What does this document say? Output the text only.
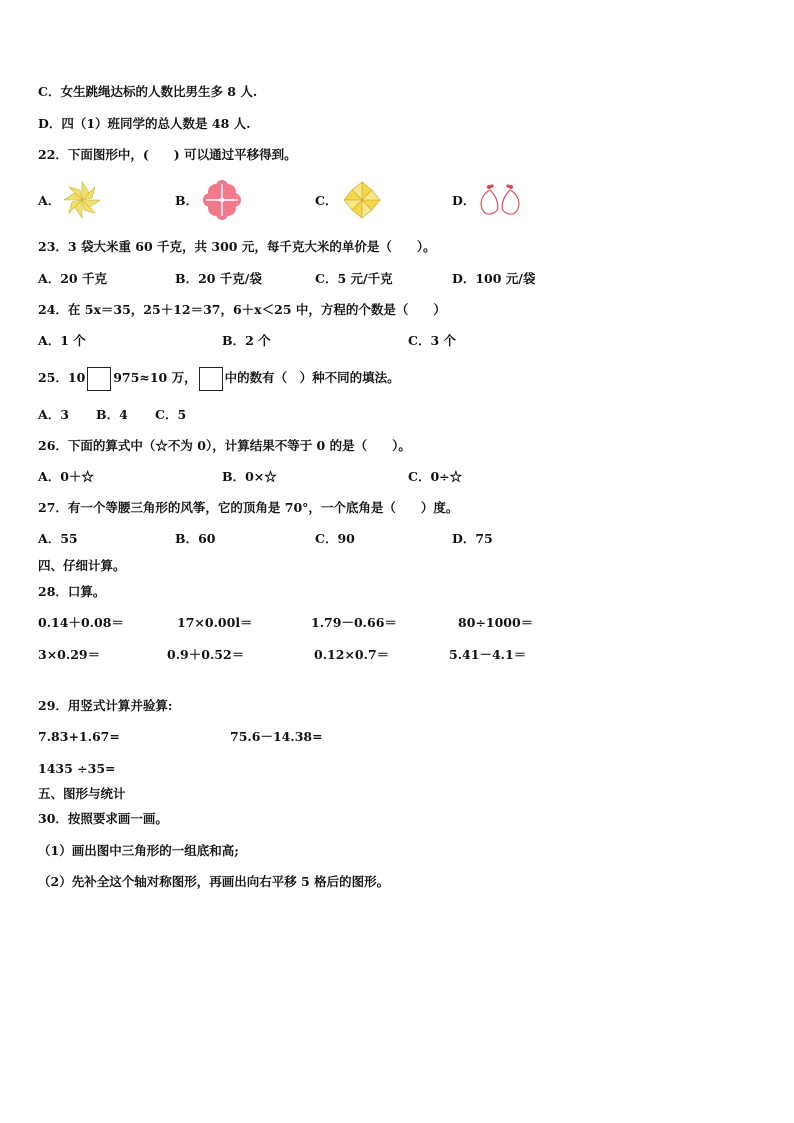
C．女生跳绳达标的人数比男生多 8 人.
D．四（1）班同学的总人数是 48 人.
22．下面图形中，(　　) 可以通过平移得到。
A．	B．	C．	D．
23．3 袋大米重 60 千克，共 300 元，每千克大米的单价是（　　）。
A．20 千克	B．20 千克/袋	C．5 元/千克	D．100 元/袋
24．在 5x＝35，25＋12＝37，6＋x＜25 中，方程的个数是（　　）
A．1 个	B．2 个	C．3 个
25．10 975≈10 万， 中的数有（　）种不同的填法。
A．3 B．4 C．5
26．下面的算式中（☆不为 0），计算结果不等于 0 的是（　　）。
A．0＋☆	B．0×☆	C．0÷☆
27．有一个等腰三角形的风筝，它的顶角是 70°，一个底角是（　　）度。
A．55	B．60	C．90	D．75
四、仔细计算。
28．口算。
0.14＋0.08＝	17×0.00l＝	1.79－0.66＝	80÷1000＝
3×0.29＝	0.9＋0.52＝	0.12×0.7＝	5.41－4.1＝
29．用竖式计算并验算:
7.83+1.67=	75.6－14.38=
1435 ÷35=
五、图形与统计
30．按照要求画一画。
（1）画出图中三角形的一组底和高;
（2）先补全这个轴对称图形，再画出向右平移 5 格后的图形。
